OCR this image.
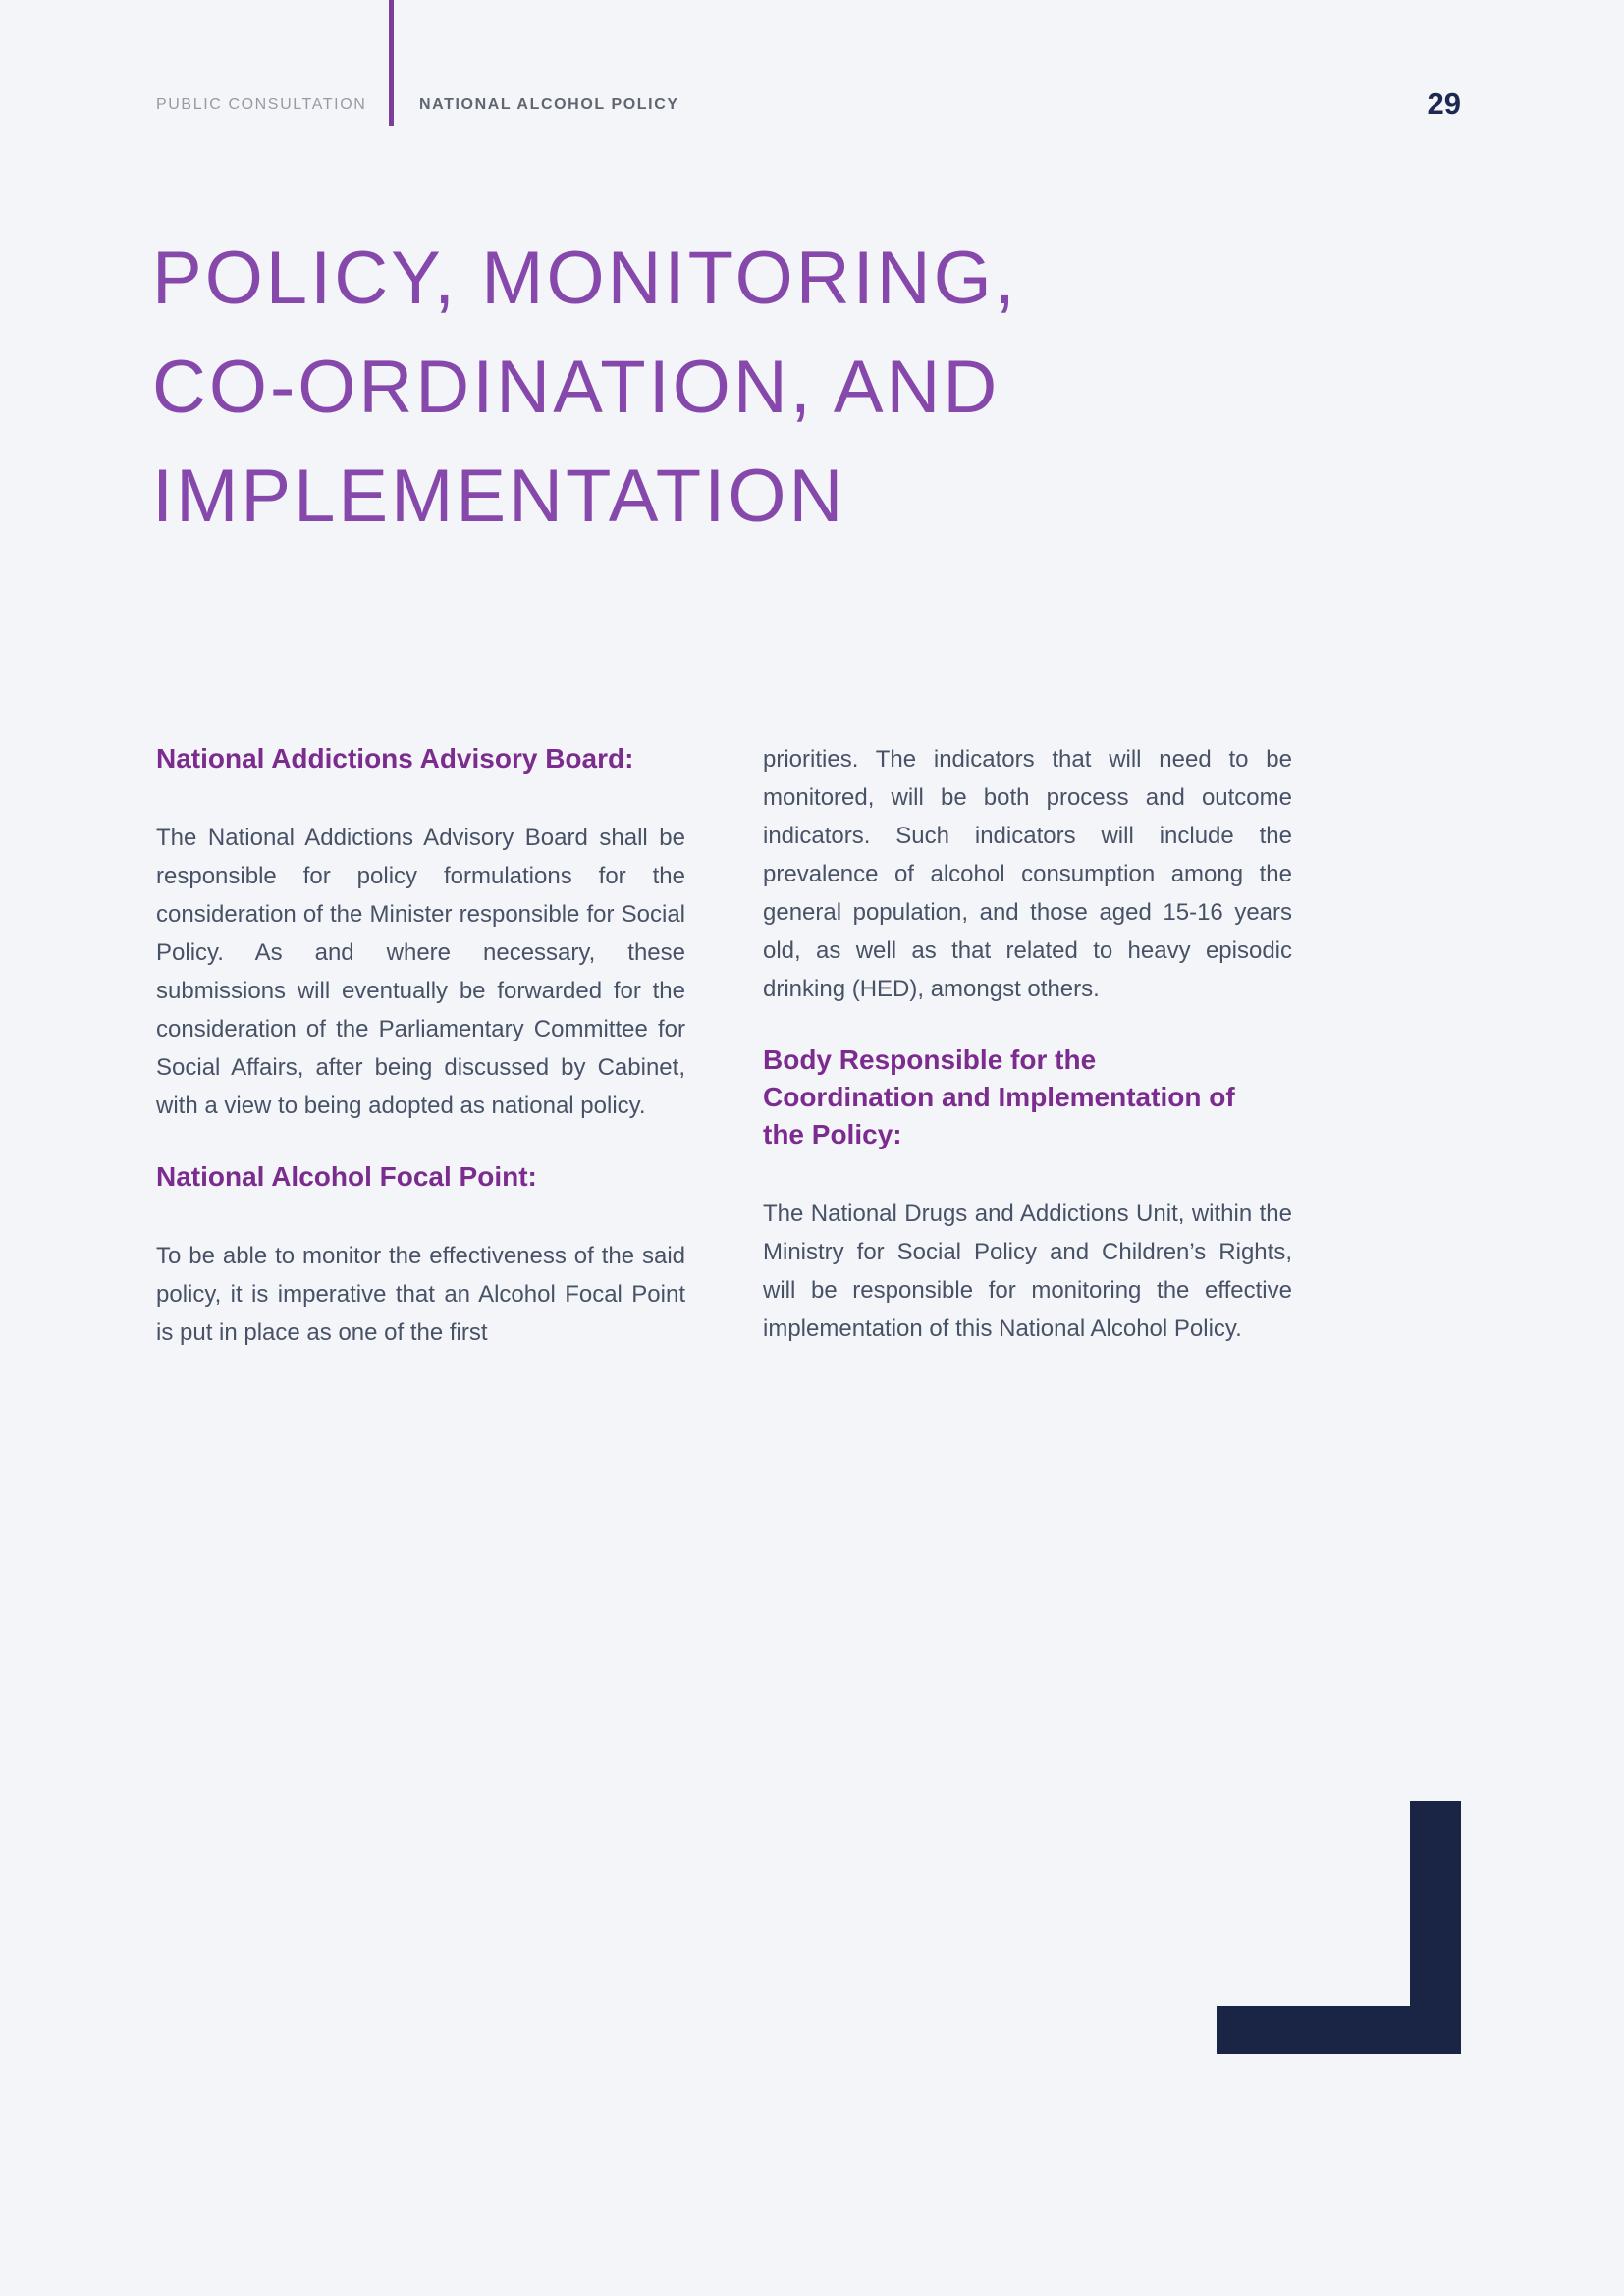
PUBLIC CONSULTATION	NATIONAL ALCOHOL POLICY	29
POLICY, MONITORING,
CO-ORDINATION, AND
IMPLEMENTATION
National Addictions Advisory Board:

The National Addictions Advisory Board shall be responsible for policy formulations for the consideration of the Minister responsible for Social Policy. As and where necessary, these submissions will eventually be forwarded for the consideration of the Parliamentary Committee for Social Affairs, after being discussed by Cabinet, with a view to being adopted as national policy.

National Alcohol Focal Point:

To be able to monitor the effectiveness of the said policy, it is imperative that an Alcohol Focal Point is put in place as one of the first

priorities. The indicators that will need to be monitored, will be both process and outcome indicators. Such indicators will include the prevalence of alcohol consumption among the general population, and those aged 15-16 years old, as well as that related to heavy episodic drinking (HED), amongst others.

Body Responsible for the Coordination and Implementation of the Policy:

The National Drugs and Addictions Unit, within the Ministry for Social Policy and Children’s Rights, will be responsible for monitoring the effective implementation of this National Alcohol Policy.
